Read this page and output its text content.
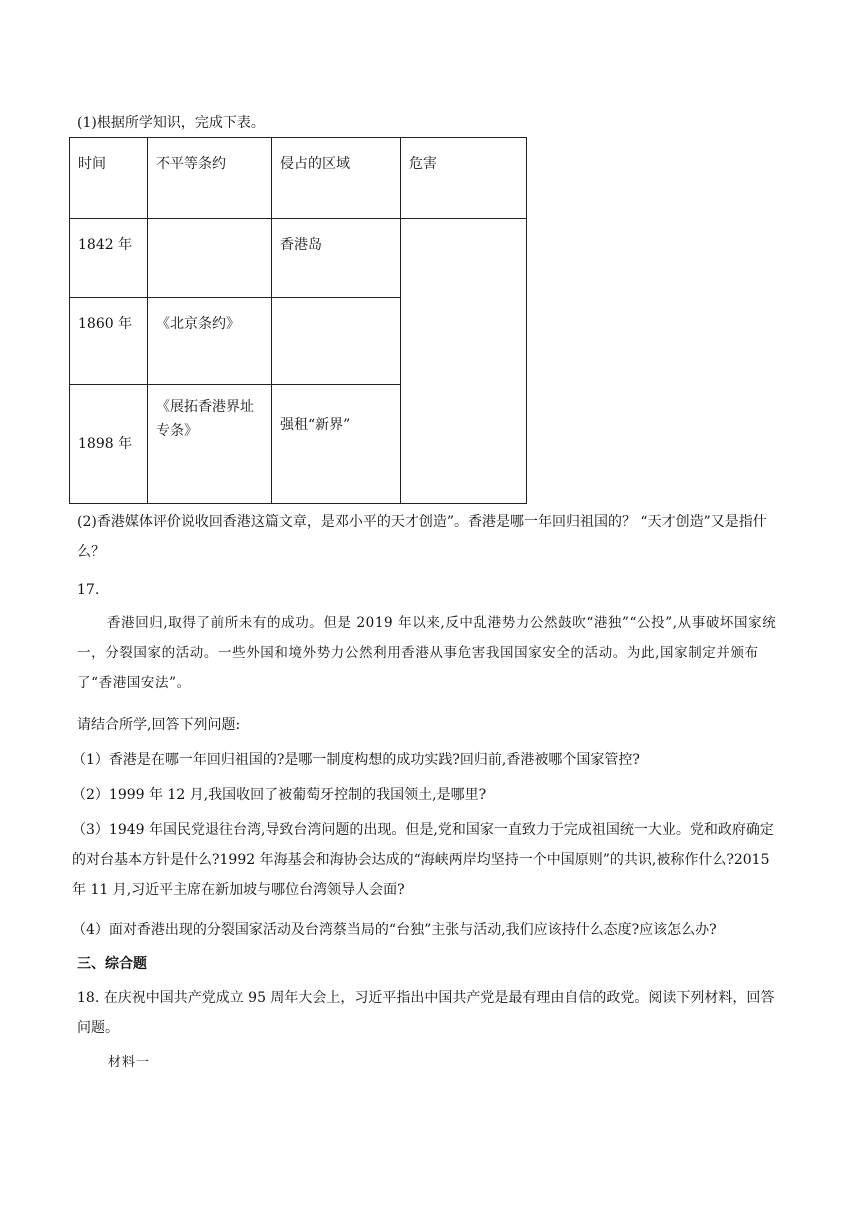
(1)根据所学知识，完成下表。
时间	不平等条约	侵占的区域	危害
1842 年		香港岛	
1860 年	《北京条约》		
1898 年	《展拓香港界址专条》	强租“新界”	
(2)香港媒体评价说收回香港这篇文章，是邓小平的天才创造”。香港是哪一年回归祖国的？ “天才创造”又是指什么？
17.
香港回归,取得了前所未有的成功。但是 2019 年以来,反中乱港势力公然鼓吹“港独”“公投”,从事破坏国家统一，分裂国家的活动。一些外国和境外势力公然利用香港从事危害我国国家安全的活动。为此,国家制定并颁布了“香港国安法”。
请结合所学,回答下列问题:
（1）香港是在哪一年回归祖国的?是哪一制度构想的成功实践?回归前,香港被哪个国家管控?
（2）1999 年 12 月,我国收回了被葡萄牙控制的我国领土,是哪里?
（3）1949 年国民党退往台湾,导致台湾问题的出现。但是,党和国家一直致力于完成祖国统一大业。党和政府确定的对台基本方针是什么?1992 年海基会和海协会达成的“海峡两岸均坚持一个中国原则”的共识,被称作什么?2015 年 11 月,习近平主席在新加坡与哪位台湾领导人会面?
（4）面对香港出现的分裂国家活动及台湾蔡当局的“台独”主张与活动,我们应该持什么态度?应该怎么办?
三、综合题
18. 在庆祝中国共产党成立 95 周年大会上，习近平指出中国共产党是最有理由自信的政党。阅读下列材料，回答问题。
材料一
